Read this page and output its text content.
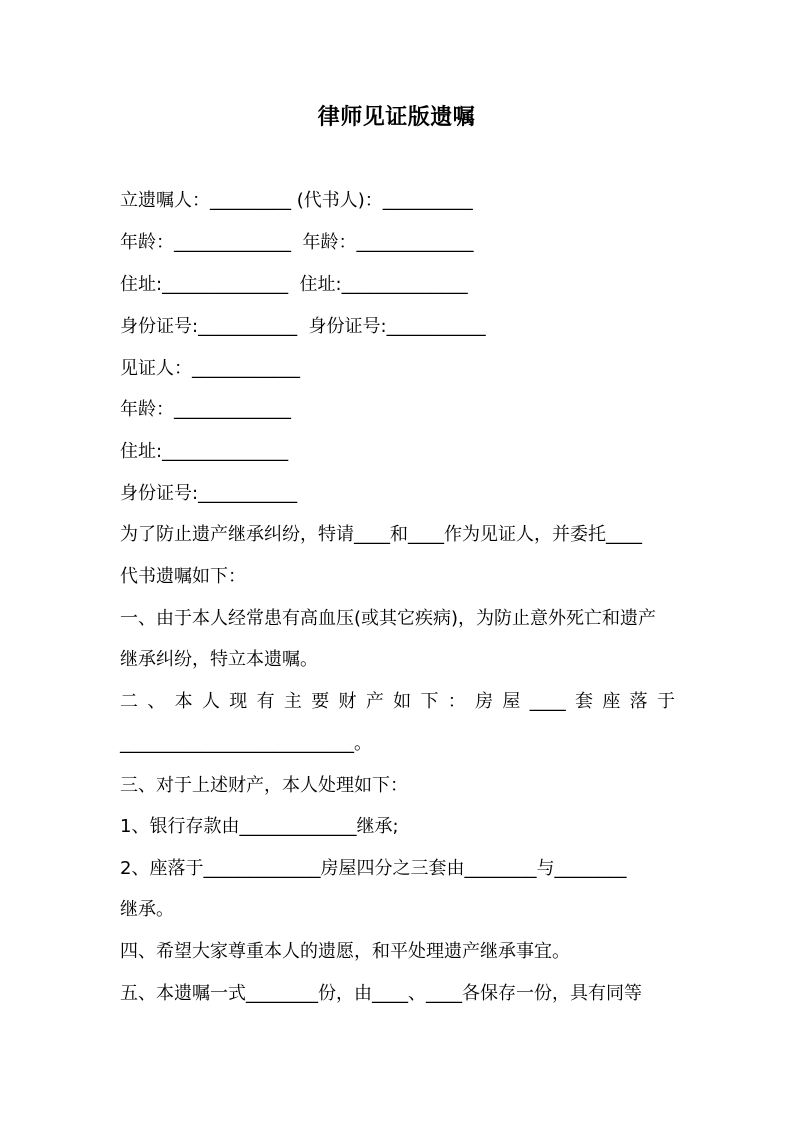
律师见证版遗嘱
立遗嘱人：_________ (代书人)：__________
年龄：_____________  年龄：_____________
住址:______________  住址:______________
身份证号:___________  身份证号:___________
见证人：____________
年龄：_____________
住址:______________
身份证号:___________
为了防止遗产继承纠纷，特请____和____作为见证人，并委托____
代书遗嘱如下：
一、由于本人经常患有高血压(或其它疾病)，为防止意外死亡和遗产
继承纠纷，特立本遗嘱。
二、本人现有主要财产如下：房屋____套座落于
__________________________。
三、对于上述财产，本人处理如下：
1、银行存款由_____________继承;
2、座落于_____________房屋四分之三套由________与________
继承。
四、希望大家尊重本人的遗愿，和平处理遗产继承事宜。
五、本遗嘱一式________份，由____、____各保存一份，具有同等
